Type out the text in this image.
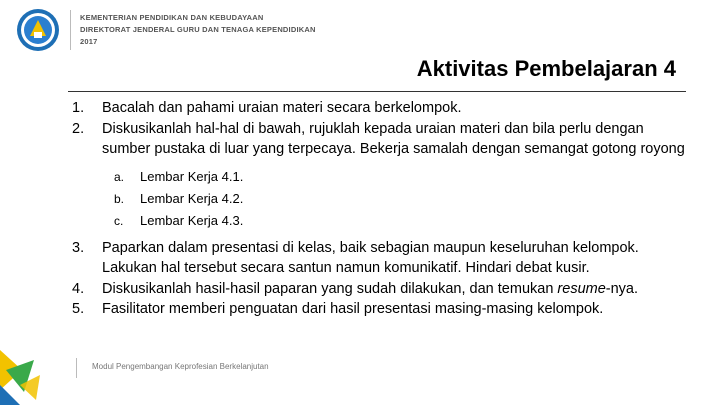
KEMENTERIAN PENDIDIKAN DAN KEBUDAYAAN
DIREKTORAT JENDERAL GURU DAN TENAGA KEPENDIDIKAN
2017
Aktivitas Pembelajaran 4
1.	Bacalah dan pahami uraian materi secara berkelompok.
2.	Diskusikanlah hal-hal di bawah, rujuklah kepada uraian materi dan bila perlu dengan sumber pustaka di luar yang terpecaya. Bekerja samalah dengan semangat gotong royong
a.	Lembar Kerja 4.1.
b.	Lembar Kerja 4.2.
c.	Lembar Kerja 4.3.
3.	Paparkan dalam presentasi di kelas, baik sebagian maupun keseluruhan kelompok. Lakukan hal tersebut secara santun namun komunikatif. Hindari debat kusir.
4.	Diskusikanlah hasil-hasil paparan yang sudah dilakukan, dan temukan resume-nya.
5.	Fasilitator memberi penguatan dari hasil presentasi masing-masing kelompok.
Modul Pengembangan Keprofesian Berkelanjutan
